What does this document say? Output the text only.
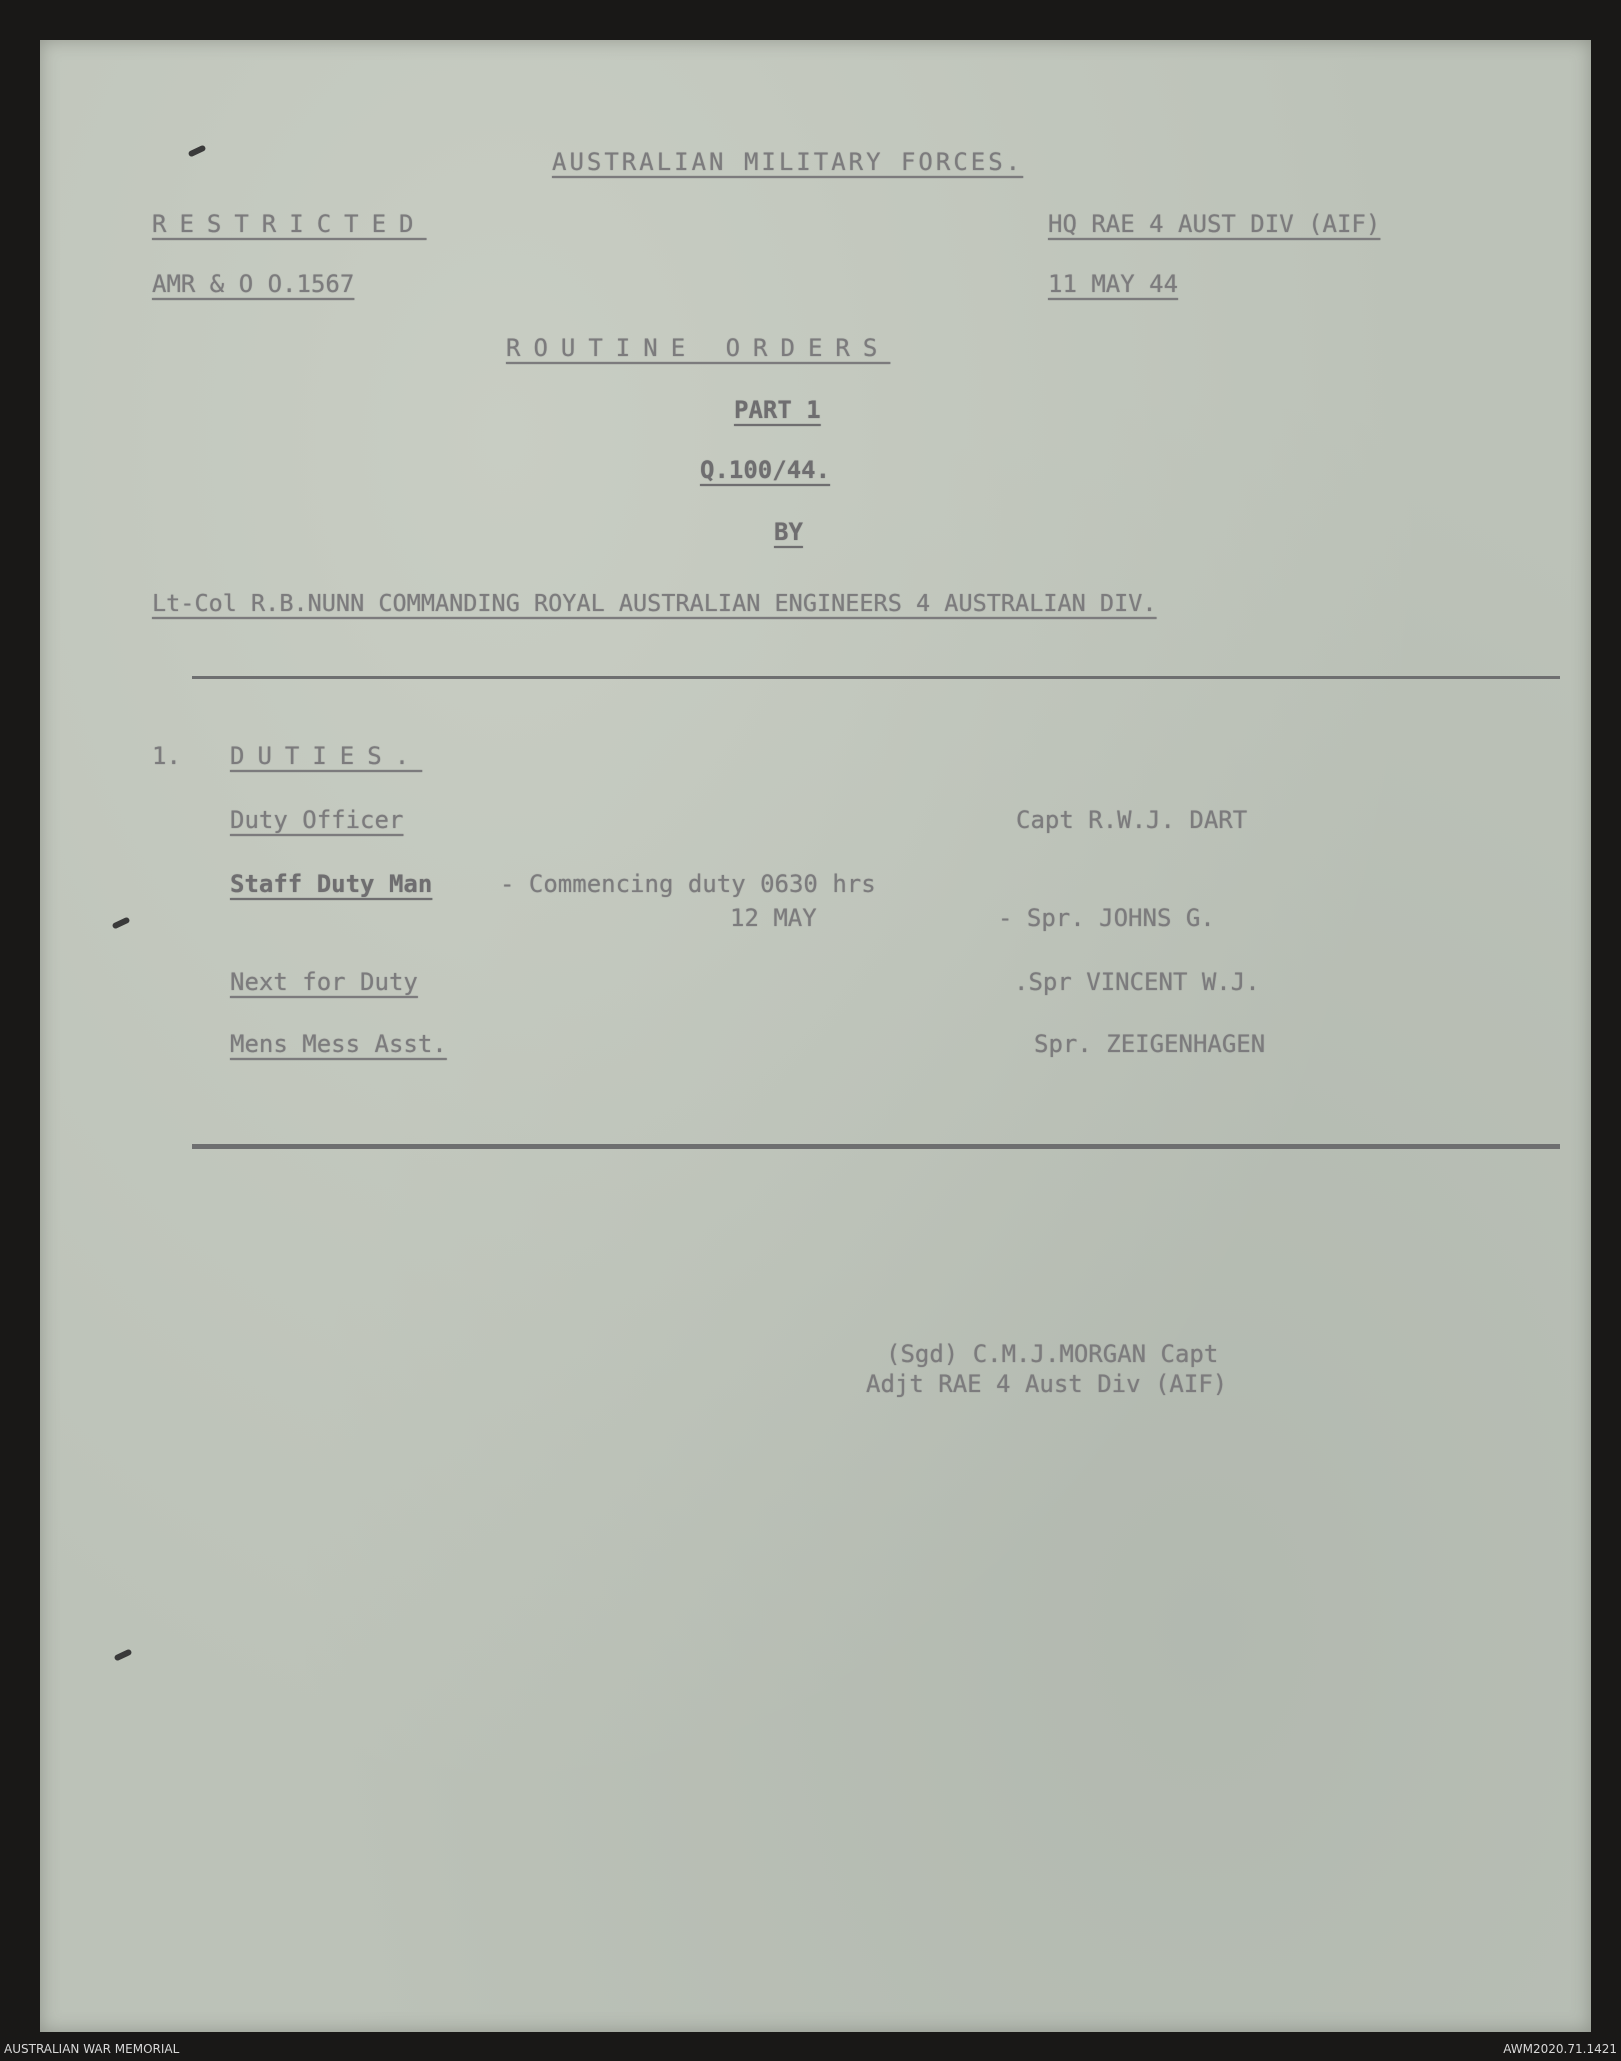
AUSTRALIAN MILITARY FORCES.
RESTRICTED	HQ RAE 4 AUST DIV (AIF)
AMR & O O.1567	11 MAY 44
ROUTINE ORDERS
PART 1
Q.100/44.
BY
Lt-Col R.B.NUNN COMMANDING ROYAL AUSTRALIAN ENGINEERS 4 AUSTRALIAN DIV.
1. DUTIES.
Duty Officer	Capt R.W.J. DART
Staff Duty Man	- Commencing duty 0630 hrs
12 MAY	- Spr. JOHNS G.
Next for Duty	.Spr VINCENT W.J.
Mens Mess Asst.	Spr. ZEIGENHAGEN
(Sgd) C.M.J.MORGAN Capt
Adjt RAE 4 Aust Div (AIF)
AUSTRALIAN WAR MEMORIAL	AWM2020.71.1421
